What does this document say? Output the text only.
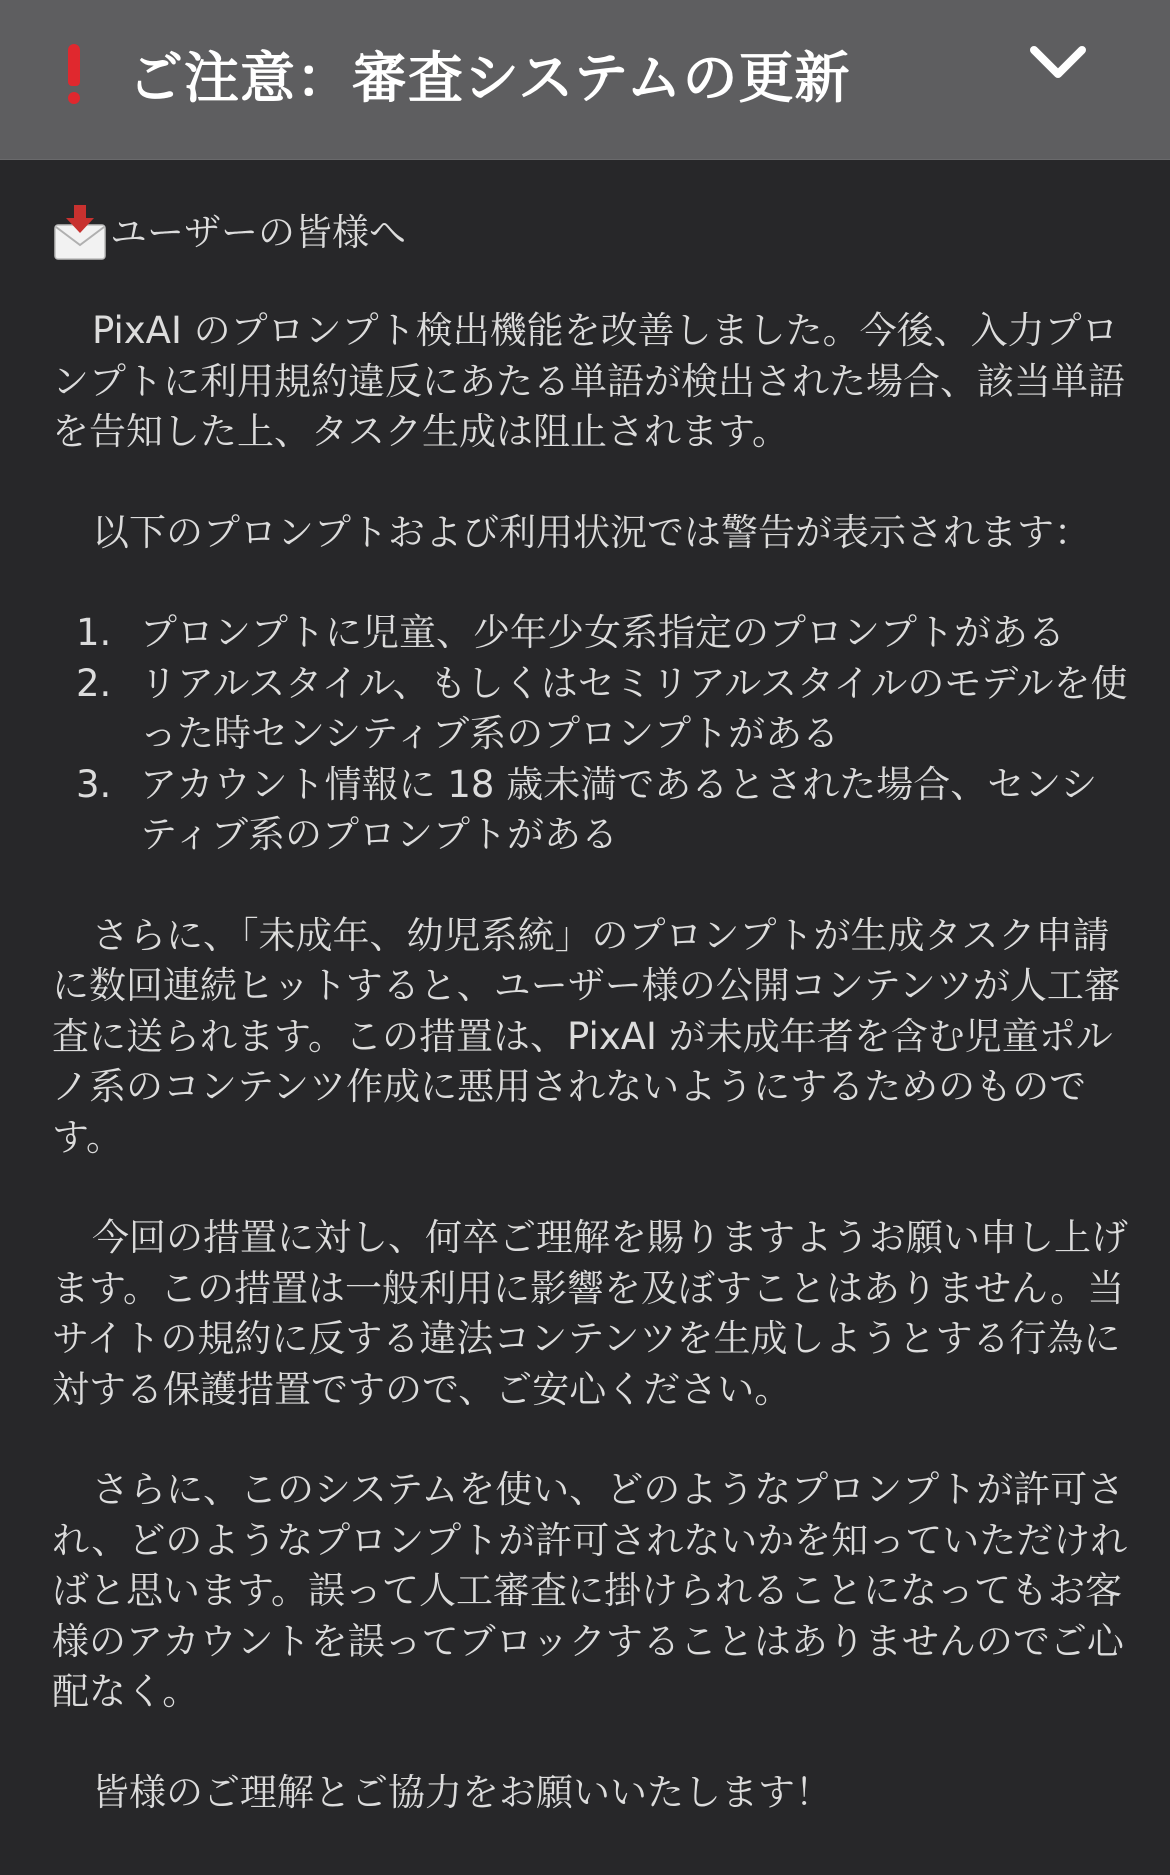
ご注意：審査システムの更新

ユーザーの皆様へ

PixAI のプロンプト検出機能を改善しました。今後、入力プロンプトに利用規約違反にあたる単語が検出された場合、該当単語を告知した上、タスク生成は阻止されます。

以下のプロンプトおよび利用状況では警告が表示されます：

1. プロンプトに児童、少年少女系指定のプロンプトがある
2. リアルスタイル、もしくはセミリアルスタイルのモデルを使った時センシティブ系のプロンプトがある
3. アカウント情報に 18 歳未満であるとされた場合、センシティブ系のプロンプトがある

さらに、「未成年、幼児系統」のプロンプトが生成タスク申請に数回連続ヒットすると、ユーザー様の公開コンテンツが人工審査に送られます。この措置は、PixAI が未成年者を含む児童ポルノ系のコンテンツ作成に悪用されないようにするためのものです。

今回の措置に対し、何卒ご理解を賜りますようお願い申し上げます。この措置は一般利用に影響を及ぼすことはありません。当サイトの規約に反する違法コンテンツを生成しようとする行為に対する保護措置ですので、ご安心ください。

さらに、このシステムを使い、どのようなプロンプトが許可され、どのようなプロンプトが許可されないかを知っていただければと思います。誤って人工審査に掛けられることになってもお客様のアカウントを誤ってブロックすることはありませんのでご心配なく。

皆様のご理解とご協力をお願いいたします！
